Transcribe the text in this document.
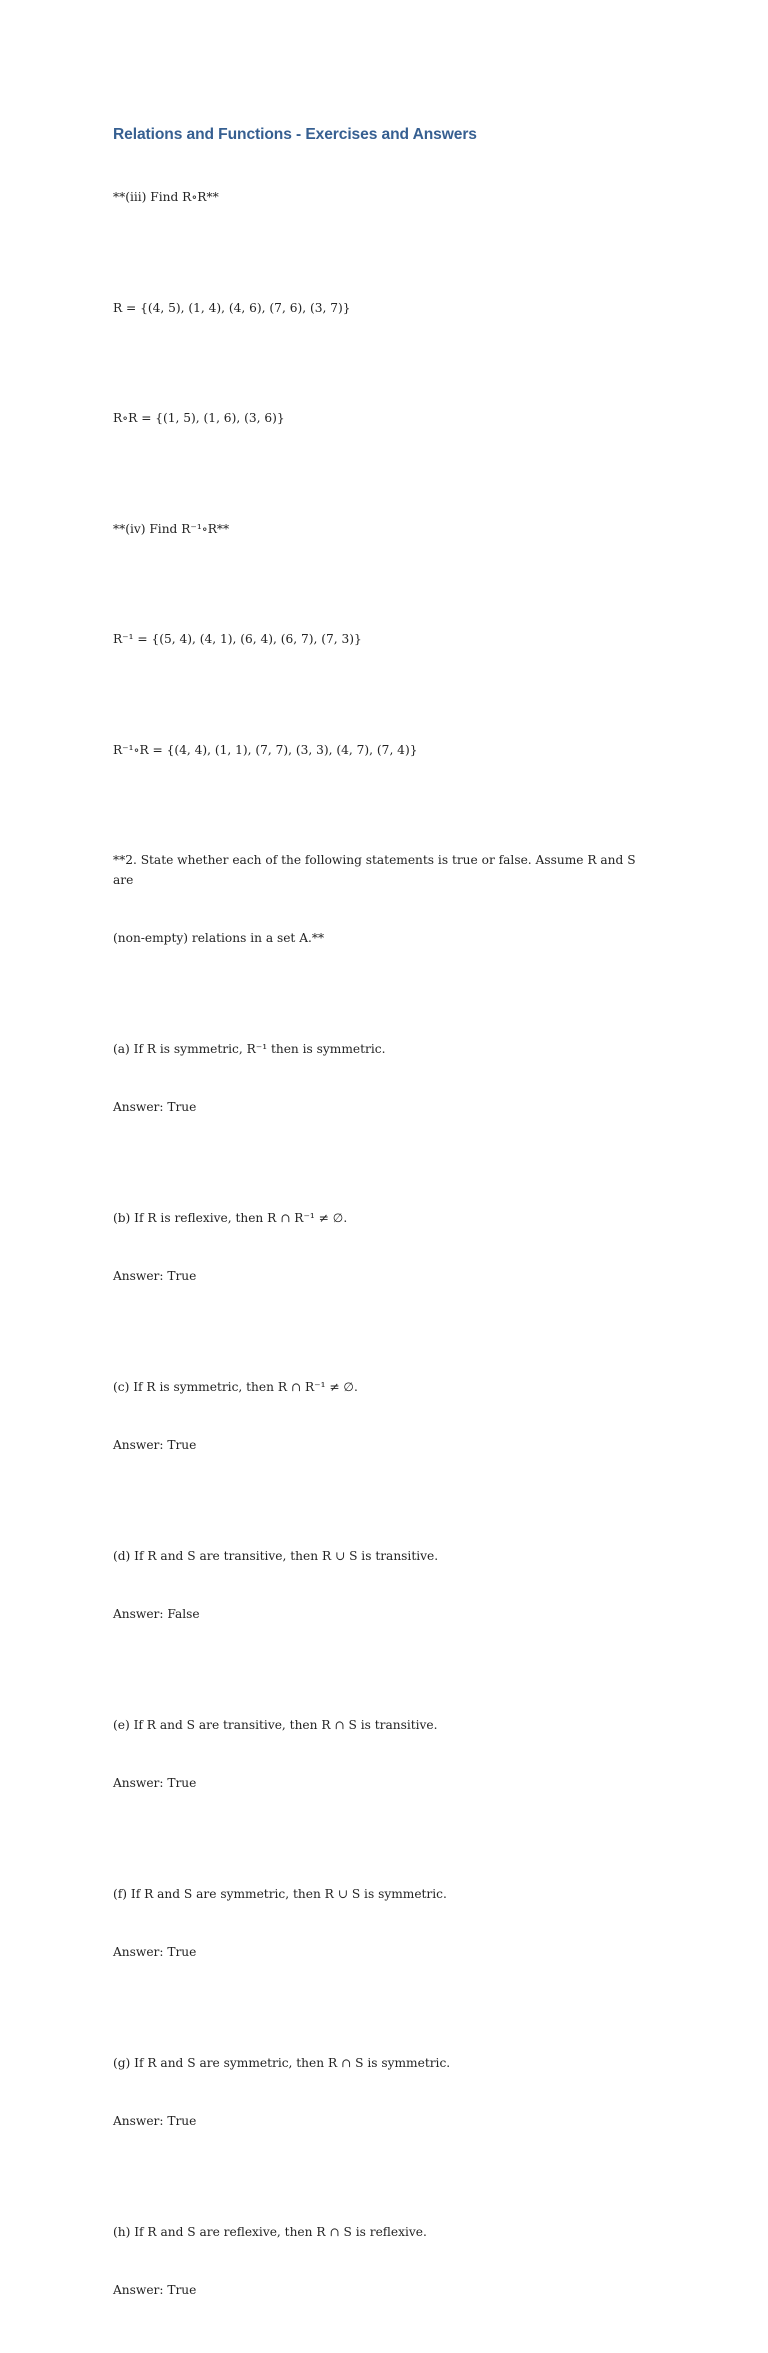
Relations and Functions - Exercises and Answers

**(iii) Find R∘R**

R = {(4, 5), (1, 4), (4, 6), (7, 6), (3, 7)}

R∘R = {(1, 5), (1, 6), (3, 6)}

**(iv) Find R⁻¹∘R**

R⁻¹ = {(5, 4), (4, 1), (6, 4), (6, 7), (7, 3)}

R⁻¹∘R = {(4, 4), (1, 1), (7, 7), (3, 3), (4, 7), (7, 4)}

**2. State whether each of the following statements is true or false. Assume R and S are

(non-empty) relations in a set A.**

(a) If R is symmetric, R⁻¹ then is symmetric.

Answer: True

(b) If R is reflexive, then R ∩ R⁻¹ ≠ ∅.

Answer: True

(c) If R is symmetric, then R ∩ R⁻¹ ≠ ∅.

Answer: True

(d) If R and S are transitive, then R ∪ S is transitive.

Answer: False

(e) If R and S are transitive, then R ∩ S is transitive.

Answer: True

(f) If R and S are symmetric, then R ∪ S is symmetric.

Answer: True

(g) If R and S are symmetric, then R ∩ S is symmetric.

Answer: True

(h) If R and S are reflexive, then R ∩ S is reflexive.

Answer: True
